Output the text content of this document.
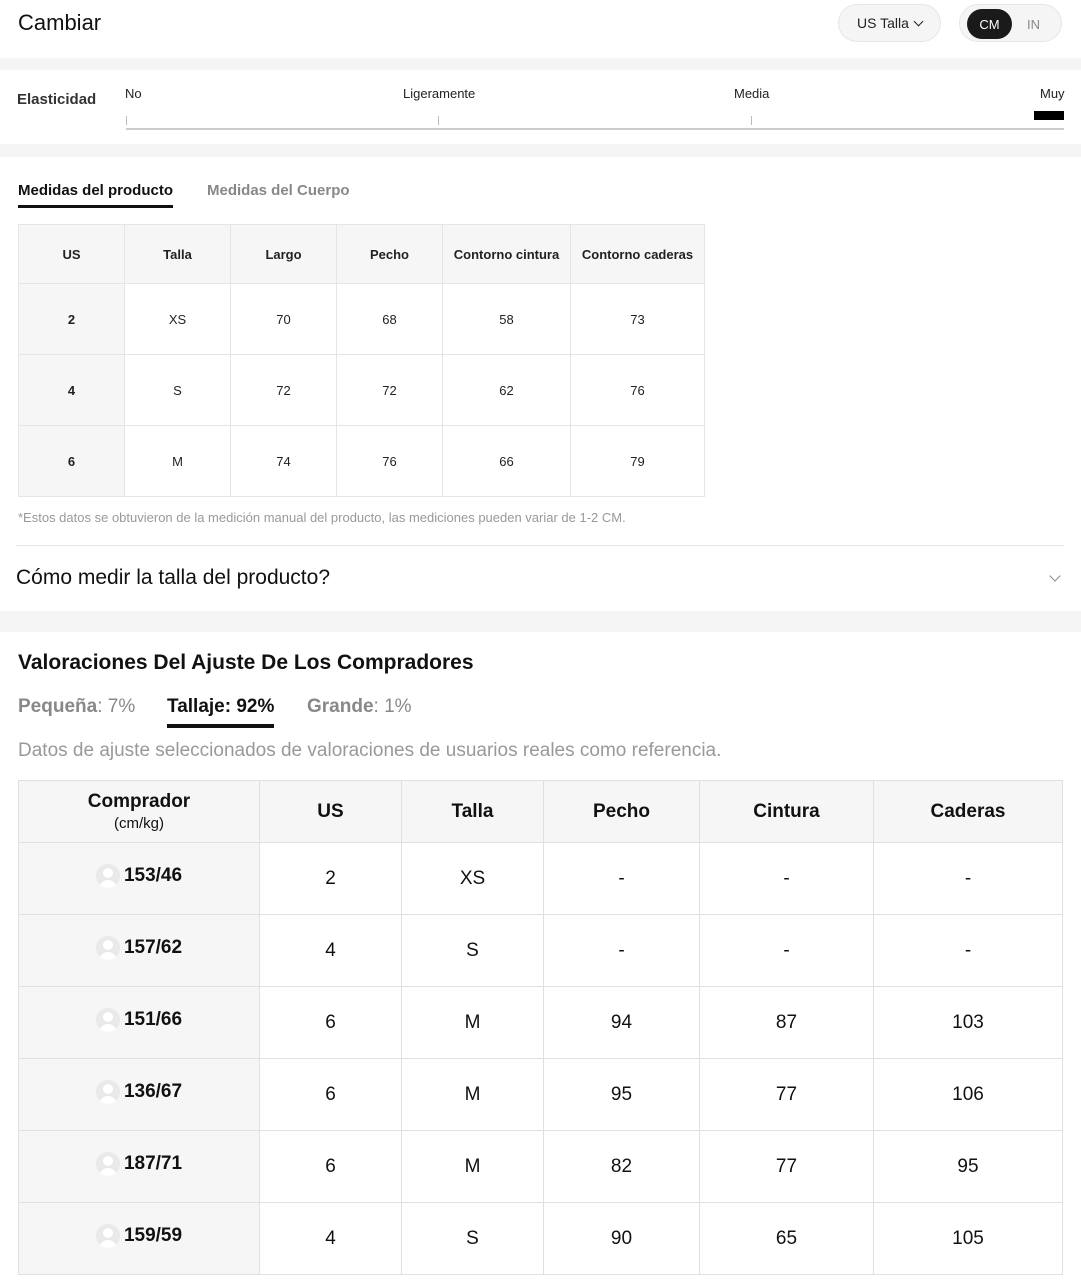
Cambiar	US Talla	CM	IN
Elasticidad No	Ligeramente	Media	Muy
Medidas del producto Medidas del Cuerpo
US	Talla	Largo	Pecho	Contorno cintura	Contorno caderas
2	XS	70	68	58	73
4	S	72	72	62	76
6	M	74	76	66	79
*Estos datos se obtuvieron de la medición manual del producto, las mediciones pueden variar de 1-2 CM.
Cómo medir la talla del producto?
Valoraciones Del Ajuste De Los Compradores
Pequeña: 7% Tallaje: 92% Grande: 1%
Datos de ajuste seleccionados de valoraciones de usuarios reales como referencia.
Comprador
(cm/kg)	US	Talla	Pecho	Cintura	Caderas

153/46	2	XS	-	-	-

157/62	4	S	-	-	-

151/66	6	M	94	87	103

136/67	6	M	95	77	106

187/71	6	M	82	77	95

159/59	4	S	90	65	105
